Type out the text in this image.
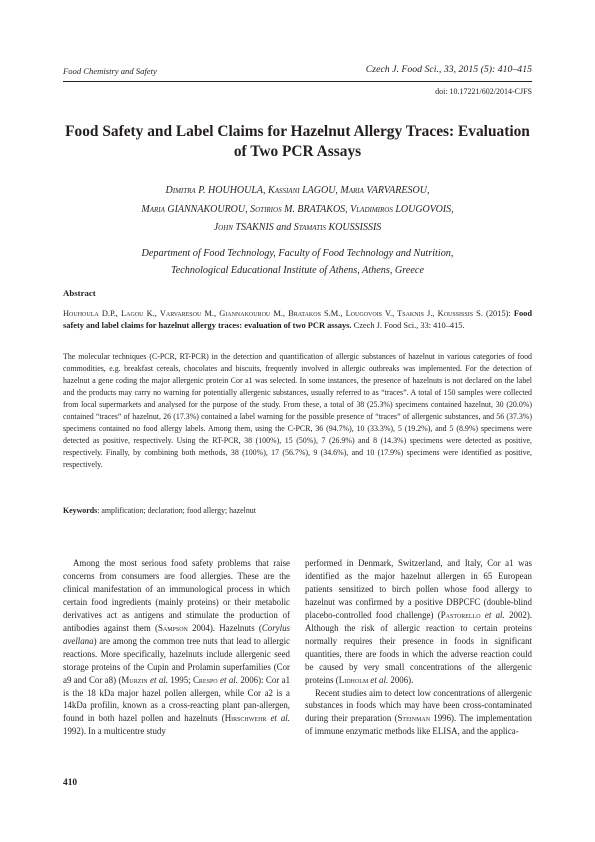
Food Chemistry and Safety	Czech J. Food Sci., 33, 2015 (5): 410–415
doi: 10.17221/602/2014-CJFS
Food Safety and Label Claims for Hazelnut Allergy Traces: Evaluation of Two PCR Assays
Dimitra P. HOUHOULA, Kassiani LAGOU, Maria VARVARESOU,
Maria GIANNAKOUROU, Sotirios M. BRATAKOS, Vladimiros LOUGOVOIS,
John TSAKNIS and Stamatis KOUSSISSIS
Department of Food Technology, Faculty of Food Technology and Nutrition,
Technological Educational Institute of Athens, Athens, Greece
Abstract

Houhoula D.P., Lagou K., Varvaresou M., Giannakourou M., Bratakos S.M., Lougovois V., Tsaknis J., Koussissis S. (2015): Food safety and label claims for hazelnut allergy traces: evaluation of two PCR assays. Czech J. Food Sci., 33: 410–415.

The molecular techniques (C-PCR, RT-PCR) in the detection and quantification of allergic substances of hazelnut in various categories of food commodities, e.g. breakfast cereals, chocolates and biscuits, frequently involved in allergic outbreaks was implemented. For the detection of hazelnut a gene coding the major allergenic protein Cor a1 was selected. In some instances, the presence of hazelnuts is not declared on the label and the products may carry no warning for potentially allergenic substances, usually referred to as “traces”. A total of 150 samples were collected from local supermarkets and analysed for the purpose of the study. From these, a total of 38 (25.3%) specimens contained hazelnut, 30 (20.0%) contained “traces” of hazelnut, 26 (17.3%) contained a label warning for the possible presence of “traces” of allergenic substances, and 56 (37.3%) specimens contained no food allergy labels. Among them, using the C-PCR, 36 (94.7%), 10 (33.3%), 5 (19.2%), and 5 (8.9%) specimens were detected as positive, respectively. Using the RT-PCR, 38 (100%), 15 (50%), 7 (26.9%) and 8 (14.3%) specimens were detected as positive, respectively. Finally, by combining both methods, 38 (100%), 17 (56.7%), 9 (34.6%), and 10 (17.9%) specimens were identified as positive, respectively.

Keywords: amplification; declaration; food allergy; hazelnut

Among the most serious food safety problems that raise concerns from consumers are food allergies. These are the clinical manifestation of an immunological process in which certain food ingredients (mainly proteins) or their metabolic derivatives act as antigens and stimulate the production of antibodies against them (Sampson 2004). Hazelnuts (Corylus avellana) are among the common tree nuts that lead to allergic reactions. More specifically, hazelnuts include allergenic seed storage proteins of the Cupin and Prolamin superfamilies (Cor a9 and Cor a8) (Murzin et al. 1995; Crespo et al. 2006): Cor a1 is the 18 kDa major hazel pollen allergen, while Cor a2 is a 14kDa profilin, known as a cross-reacting plant pan-allergen, found in both hazel pollen and hazelnuts (Hirschwehr et al. 1992). In a multicentre study

performed in Denmark, Switzerland, and Italy, Cor a1 was identified as the major hazelnut allergen in 65 European patients sensitized to birch pollen whose food allergy to hazelnut was confirmed by a positive DBPCFC (double-blind placebo-controlled food challenge) (Pastorello et al. 2002). Although the risk of allergic reaction to certain proteins normally requires their presence in foods in significant quantities, there are foods in which the adverse reaction could be caused by very small concentrations of the allergenic proteins (Lidholm et al. 2006).

Recent studies aim to detect low concentrations of allergenic substances in foods which may have been cross-contaminated during their preparation (Steinman 1996). The implementation of immune enzymatic methods like ELISA, and the applica-

410
